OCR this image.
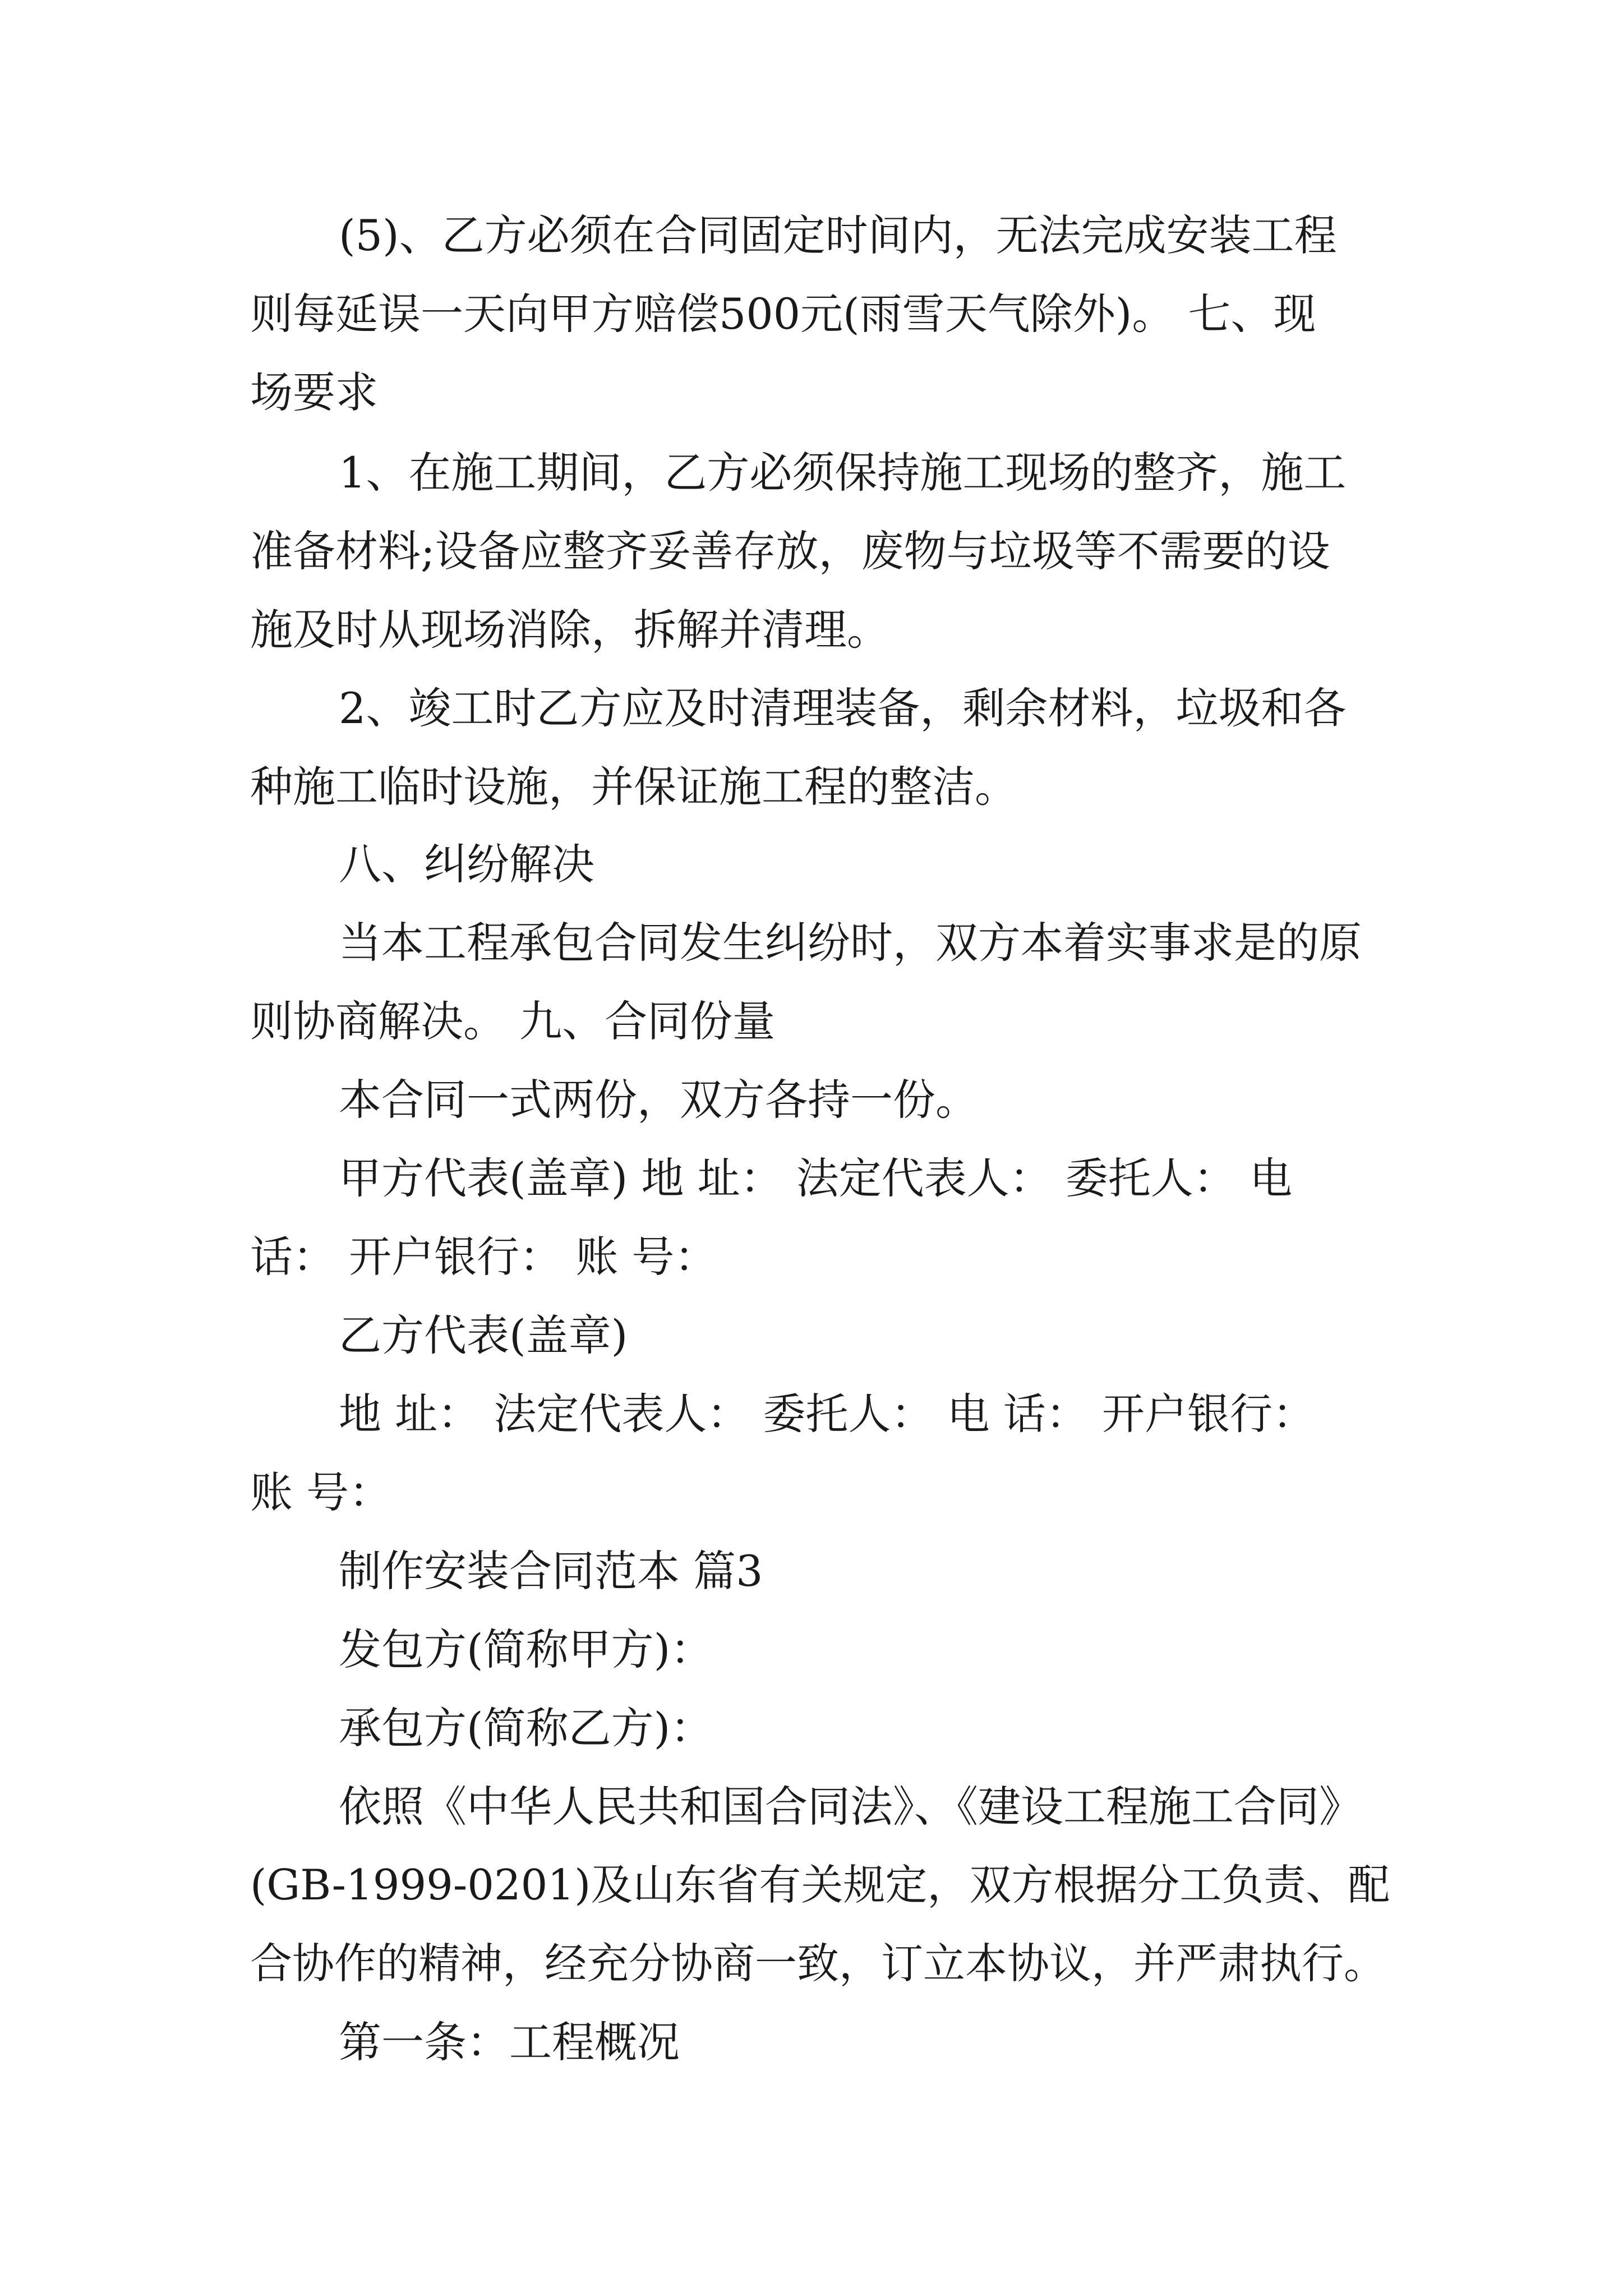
(5)、乙方必须在合同固定时间内，无法完成安装工程
则每延误一天向甲方赔偿500元(雨雪天气除外)。 七、现
场要求
1、在施工期间，乙方必须保持施工现场的整齐，施工
准备材料;设备应整齐妥善存放，废物与垃圾等不需要的设
施及时从现场消除，拆解并清理。
2、竣工时乙方应及时清理装备，剩余材料，垃圾和各
种施工临时设施，并保证施工程的整洁。
八、纠纷解决
当本工程承包合同发生纠纷时，双方本着实事求是的原
则协商解决。 九、合同份量
本合同一式两份，双方各持一份。
甲方代表(盖章) 地 址： 法定代表人： 委托人： 电
话： 开户银行： 账 号：
乙方代表(盖章)
地 址： 法定代表人： 委托人： 电 话： 开户银行：
账 号：
制作安装合同范本 篇3
发包方(简称甲方)：
承包方(简称乙方)：
依照《中华人民共和国合同法》、《建设工程施工合同》
(GB-1999-0201)及山东省有关规定，双方根据分工负责、配
合协作的精神，经充分协商一致，订立本协议，并严肃执行。
第一条：工程概况
